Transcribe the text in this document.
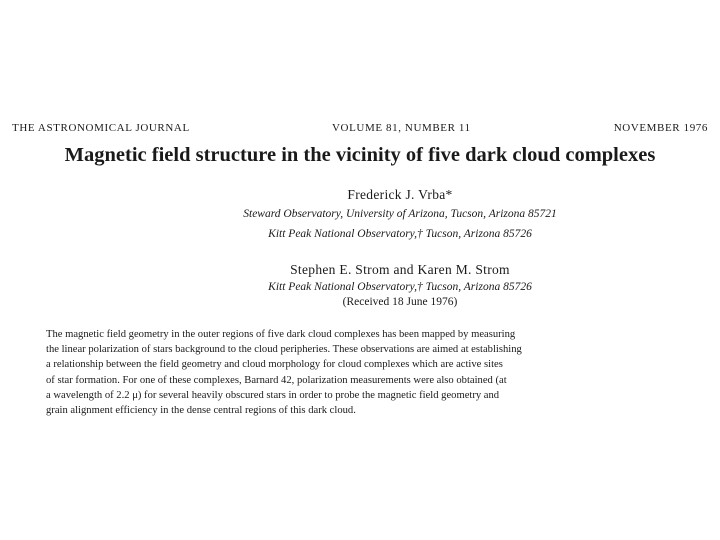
THE ASTRONOMICAL JOURNAL	VOLUME 81, NUMBER 11	NOVEMBER 1976
Magnetic field structure in the vicinity of five dark cloud complexes
Frederick J. Vrba*
Steward Observatory, University of Arizona, Tucson, Arizona 85721
Kitt Peak National Observatory,† Tucson, Arizona 85726
Stephen E. Strom and Karen M. Strom
Kitt Peak National Observatory,† Tucson, Arizona 85726
(Received 18 June 1976)
The magnetic field geometry in the outer regions of five dark cloud complexes has been mapped by measuring
the linear polarization of stars background to the cloud peripheries. These observations are aimed at establishing
a relationship between the field geometry and cloud morphology for cloud complexes which are active sites
of star formation. For one of these complexes, Barnard 42, polarization measurements were also obtained (at
a wavelength of 2.2 μ) for several heavily obscured stars in order to probe the magnetic field geometry and
grain alignment efficiency in the dense central regions of this dark cloud.
